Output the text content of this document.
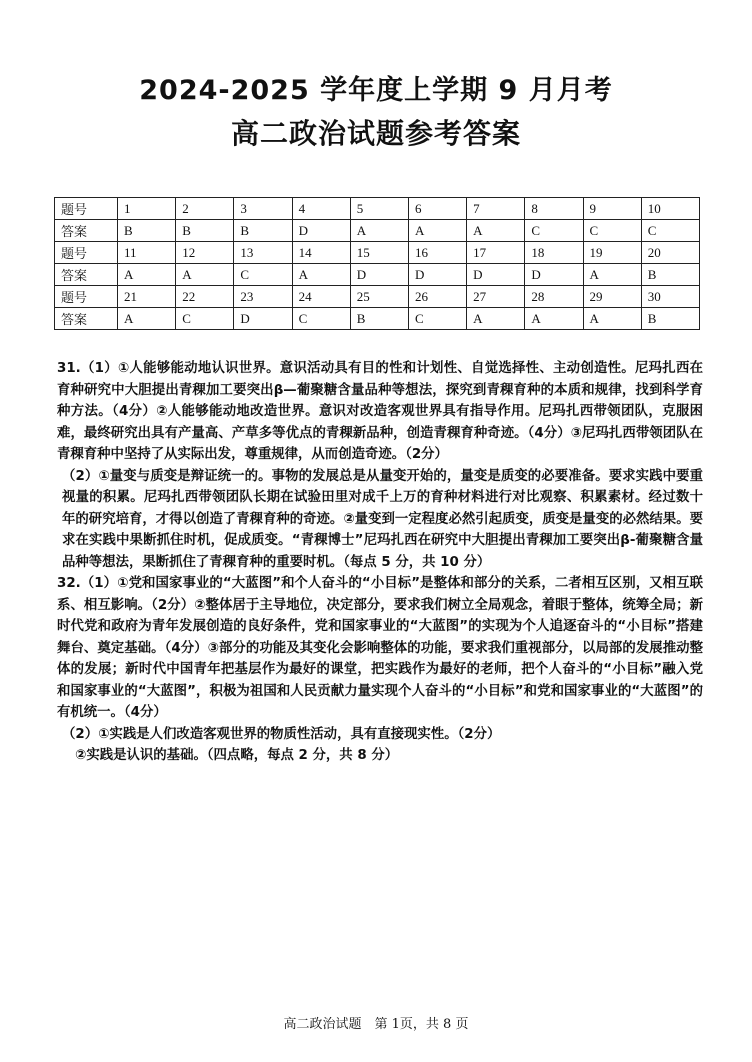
2024-2025 学年度上学期 9 月月考
高二政治试题参考答案
题号	1	2	3	4	5	6	7	8	9	10
答案	B	B	B	D	A	A	A	C	C	C
题号	11	12	13	14	15	16	17	18	19	20
答案	A	A	C	A	D	D	D	D	A	B
题号	21	22	23	24	25	26	27	28	29	30
答案	A	C	D	C	B	C	A	A	A	B

31.（1）①人能够能动地认识世界。意识活动具有目的性和计划性、自觉选择性、主动创造性。尼玛扎西在育种研究中大胆提出青稞加工要突出β—葡聚糖含量品种等想法，探究到青稞育种的本质和规律，找到科学育种方法。（4分）②人能够能动地改造世界。意识对改造客观世界具有指导作用。尼玛扎西带领团队，克服困难，最终研究出具有产量高、产草多等优点的青稞新品种，创造青稞育种奇迹。（4分）③尼玛扎西带领团队在青稞育种中坚持了从实际出发，尊重规律，从而创造奇迹。（2分）

（2）①量变与质变是辩证统一的。事物的发展总是从量变开始的，量变是质变的必要准备。要求实践中要重视量的积累。尼玛扎西带领团队长期在试验田里对成千上万的育种材料进行对比观察、积累素材。经过数十年的研究培育，才得以创造了青稞育种的奇迹。②量变到一定程度必然引起质变，质变是量变的必然结果。要求在实践中果断抓住时机，促成质变。“青稞博士”尼玛扎西在研究中大胆提出青稞加工要突出β-葡聚糖含量品种等想法，果断抓住了青稞育种的重要时机。（每点 5 分，共 10 分）

32.（1）①党和国家事业的“大蓝图”和个人奋斗的“小目标”是整体和部分的关系，二者相互区别，又相互联系、相互影响。（2分）②整体居于主导地位，决定部分，要求我们树立全局观念，着眼于整体，统筹全局；新时代党和政府为青年发展创造的良好条件，党和国家事业的“大蓝图”的实现为个人追逐奋斗的“小目标”搭建舞台、奠定基础。（4分）③部分的功能及其变化会影响整体的功能，要求我们重视部分，以局部的发展推动整体的发展；新时代中国青年把基层作为最好的课堂，把实践作为最好的老师，把个人奋斗的“小目标”融入党和国家事业的“大蓝图”，积极为祖国和人民贡献力量实现个人奋斗的“小目标”和党和国家事业的“大蓝图”的有机统一。（4分）

（2）①实践是人们改造客观世界的物质性活动，具有直接现实性。（2分）

②实践是认识的基础。（四点略，每点 2 分，共 8 分）

高二政治试题　第 1页，共 8 页
